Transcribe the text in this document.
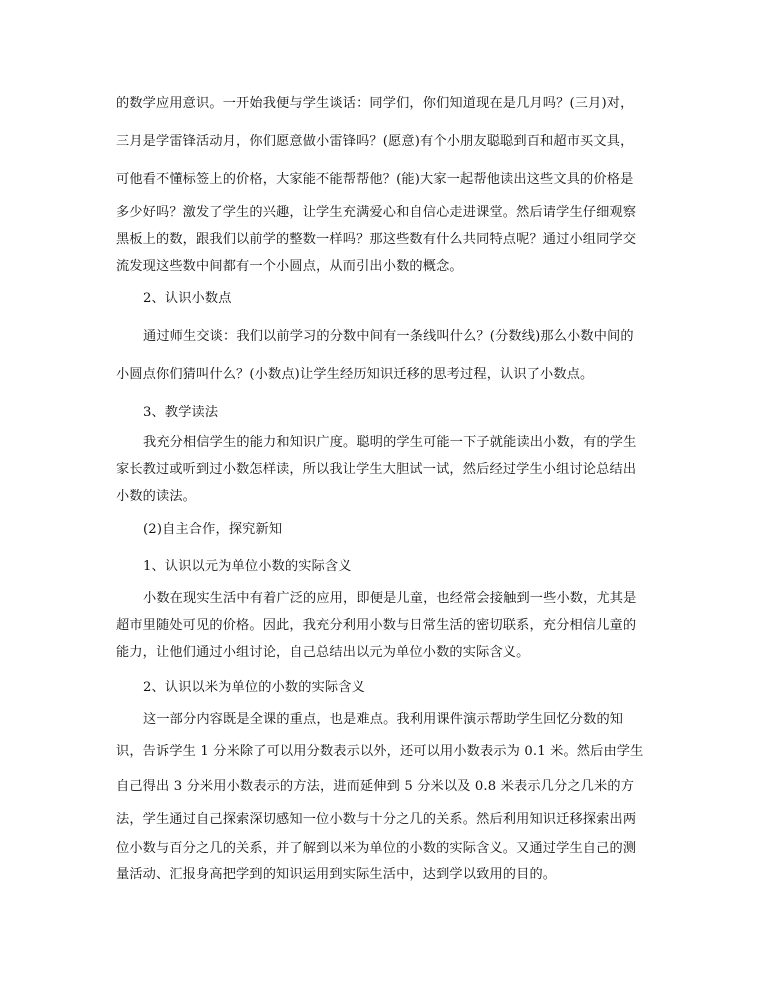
的数学应用意识。一开始我便与学生谈话：同学们，你们知道现在是几月吗？(三月)对，
三月是学雷锋活动月，你们愿意做小雷锋吗？(愿意)有个小朋友聪聪到百和超市买文具，
可他看不懂标签上的价格，大家能不能帮帮他？(能)大家一起帮他读出这些文具的价格是
多少好吗？激发了学生的兴趣，让学生充满爱心和自信心走进课堂。然后请学生仔细观察
黑板上的数，跟我们以前学的整数一样吗？那这些数有什么共同特点呢？通过小组同学交
流发现这些数中间都有一个小圆点，从而引出小数的概念。
2、认识小数点
通过师生交谈：我们以前学习的分数中间有一条线叫什么？(分数线)那么小数中间的
小圆点你们猜叫什么？(小数点)让学生经历知识迁移的思考过程，认识了小数点。
3、教学读法
我充分相信学生的能力和知识广度。聪明的学生可能一下子就能读出小数，有的学生
家长教过或听到过小数怎样读，所以我让学生大胆试一试，然后经过学生小组讨论总结出
小数的读法。
(2)自主合作，探究新知
1、认识以元为单位小数的实际含义
小数在现实生活中有着广泛的应用，即便是儿童，也经常会接触到一些小数，尤其是
超市里随处可见的价格。因此，我充分利用小数与日常生活的密切联系，充分相信儿童的
能力，让他们通过小组讨论，自己总结出以元为单位小数的实际含义。
2、认识以米为单位的小数的实际含义
这一部分内容既是全课的重点，也是难点。我利用课件演示帮助学生回忆分数的知
识，告诉学生 1 分米除了可以用分数表示以外，还可以用小数表示为 0.1 米。然后由学生
自己得出 3 分米用小数表示的方法，进而延伸到 5 分米以及 0.8 米表示几分之几米的方
法，学生通过自己探索深切感知一位小数与十分之几的关系。然后利用知识迁移探索出两
位小数与百分之几的关系，并了解到以米为单位的小数的实际含义。又通过学生自己的测
量活动、汇报身高把学到的知识运用到实际生活中，达到学以致用的目的。
